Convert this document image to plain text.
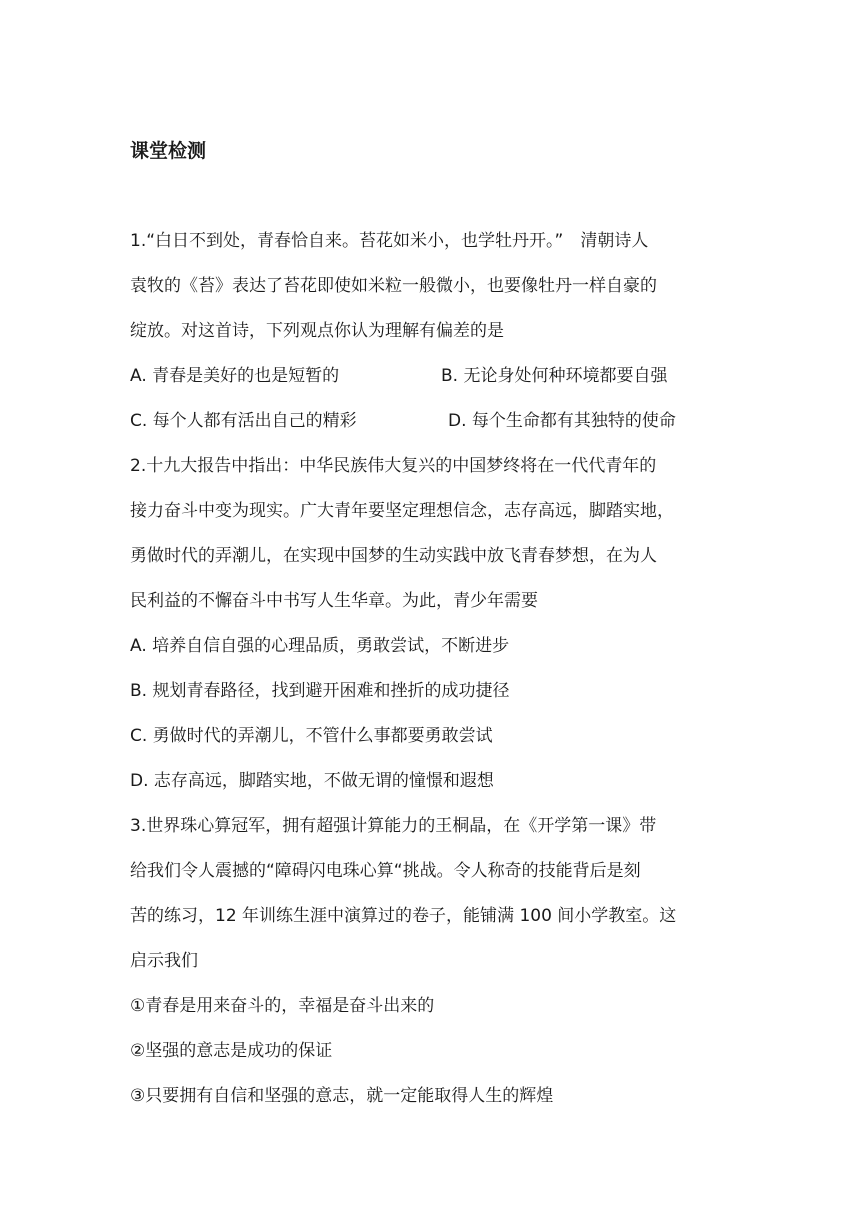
课堂检测
1.“白日不到处，青春恰自来。苔花如米小，也学牡丹开。”　清朝诗人
袁牧的《苔》表达了苔花即使如米粒一般微小，也要像牡丹一样自豪的
绽放。对这首诗，下列观点你认为理解有偏差的是
A. 青春是美好的也是短暂的	B. 无论身处何种环境都要自强
C. 每个人都有活出自己的精彩	D. 每个生命都有其独特的使命
2.十九大报告中指出：中华民族伟大复兴的中国梦终将在一代代青年的
接力奋斗中变为现实。广大青年要坚定理想信念，志存高远，脚踏实地，
勇做时代的弄潮儿，在实现中国梦的生动实践中放飞青春梦想，在为人
民利益的不懈奋斗中书写人生华章。为此，青少年需要
A. 培养自信自强的心理品质，勇敢尝试，不断进步
B. 规划青春路径，找到避开困难和挫折的成功捷径
C. 勇做时代的弄潮儿，不管什么事都要勇敢尝试
D. 志存高远，脚踏实地，不做无谓的憧憬和遐想
3.世界珠心算冠军，拥有超强计算能力的王桐晶，在《开学第一课》带
给我们令人震撼的“障碍闪电珠心算“挑战。令人称奇的技能背后是刻
苦的练习，12 年训练生涯中演算过的卷子，能铺满 100 间小学教室。这
启示我们
①青春是用来奋斗的，幸福是奋斗出来的
②坚强的意志是成功的保证
③只要拥有自信和坚强的意志，就一定能取得人生的辉煌
